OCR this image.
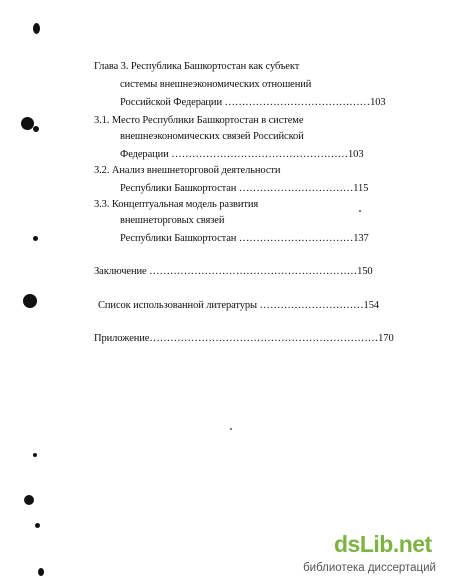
Глава 3. Республика Башкортостан как субъект
системы внешнеэкономических отношений
Российской Федерации ……………………………………103
3.1. Место Республики Башкортостан в системе
внешнеэкономических связей Российской
Федерации ……………………………………………103
3.2. Анализ внешнеторговой деятельности
Республики Башкортостан ……………………………115
3.3. Концептуальная модель развития
внешнеторговых связей
Республики Башкортостан ……………………………137
Заключение ……………………………………………………150
Список использованной литературы …………………………154
Приложение…………………………………………………………170
dsLib.net
библиотека диссертаций
